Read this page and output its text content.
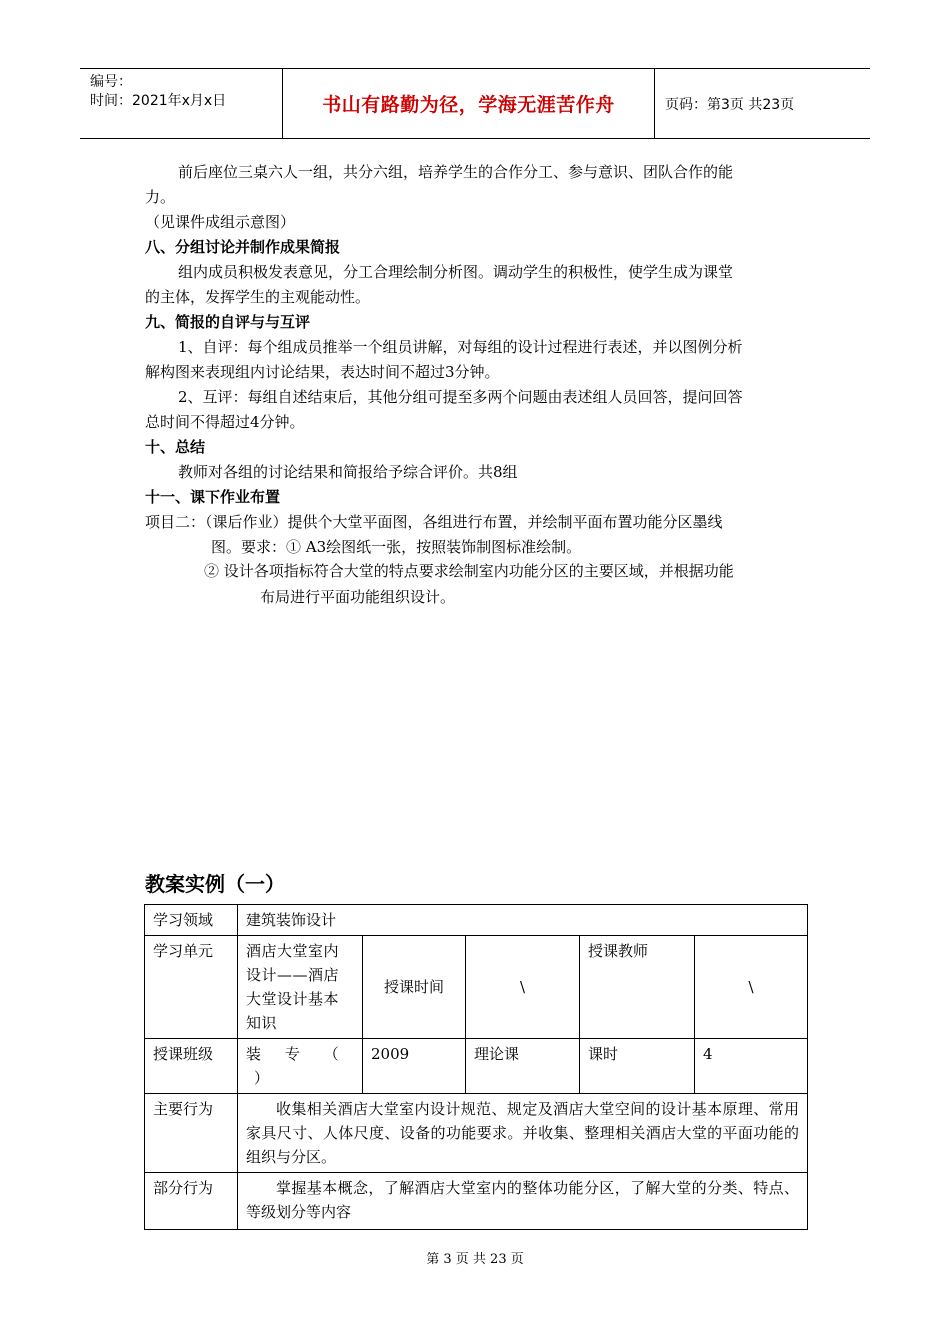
编号：
时间：2021年x月x日	书山有路勤为径，学海无涯苦作舟	页码：第3页 共23页
前后座位三桌六人一组，共分六组，培养学生的合作分工、参与意识、团队合作的能
力。
（见课件成组示意图）
八、分组讨论并制作成果简报
组内成员积极发表意见，分工合理绘制分析图。调动学生的积极性，使学生成为课堂
的主体，发挥学生的主观能动性。
九、简报的自评与与互评
1、自评：每个组成员推举一个组员讲解，对每组的设计过程进行表述，并以图例分析
解构图来表现组内讨论结果，表达时间不超过3分钟。
2、互评：每组自述结束后，其他分组可提至多两个问题由表述组人员回答，提问回答
总时间不得超过4分钟。
十、总结
教师对各组的讨论结果和简报给予综合评价。共8组
十一、课下作业布置
项目二：（课后作业）提供个大堂平面图，各组进行布置，并绘制平面布置功能分区墨线
图。要求：① A3绘图纸一张，按照装饰制图标准绘制。
② 设计各项指标符合大堂的特点要求绘制室内功能分区的主要区域，并根据功能
布局进行平面功能组织设计。
教案实例（一）
学习领域	建筑装饰设计				
学习单元	酒店大堂室内设计——酒店大堂设计基本知识	授课时间	\	授课教师	\
授课班级	装     专     （
）	2009	理论课	课时	4
主要行为	收集相关酒店大堂室内设计规范、规定及酒店大堂空间的设计基本原理、常用家具尺寸、人体尺度、设备的功能要求。并收集、整理相关酒店大堂的平面功能的组织与分区。				
部分行为	掌握基本概念，了解酒店大堂室内的整体功能分区，了解大堂的分类、特点、等级划分等内容				
第 3 页 共 23 页
